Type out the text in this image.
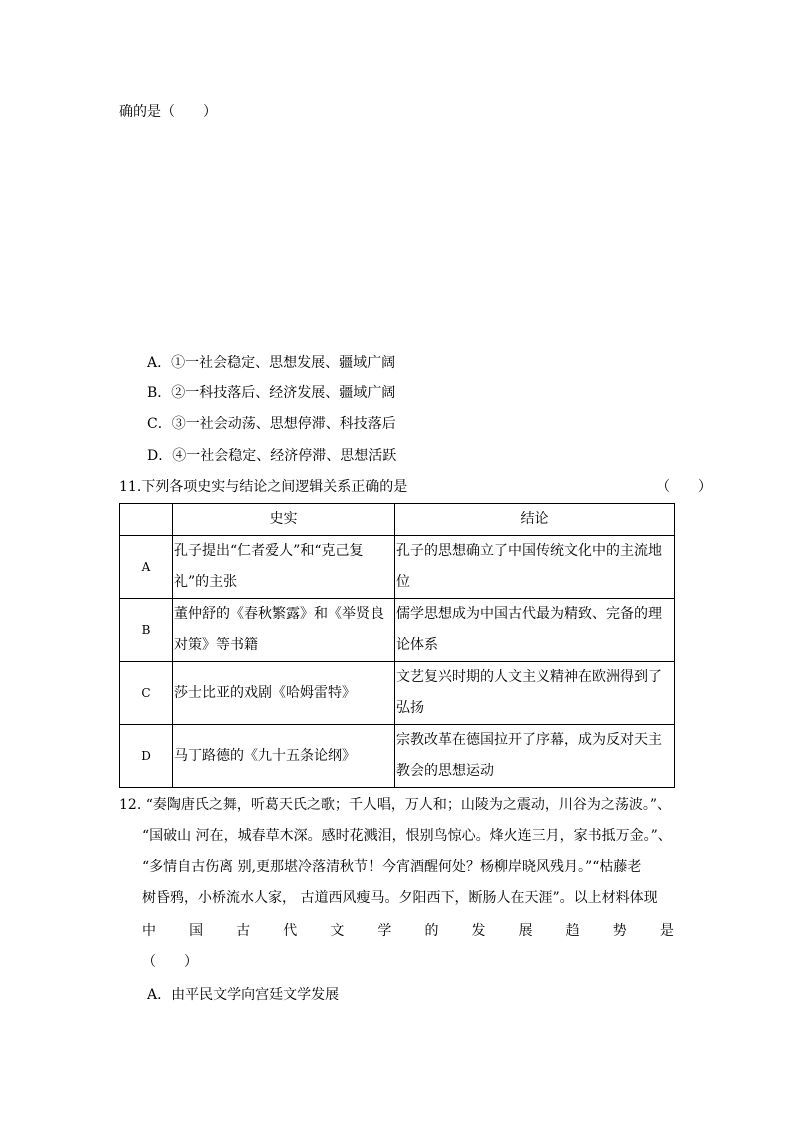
确的是（　　）
A．①一社会稳定、思想发展、疆域广阔
B．②一科技落后、经济发展、疆域广阔
C．③一社会动荡、思想停滞、科技落后
D．④一社会稳定、经济停滞、思想活跃
11.下列各项史实与结论之间逻辑关系正确的是	（　　）
	史实	结论
A	孔子提出“仁者爱人”和“克己复礼”的主张	孔子的思想确立了中国传统文化中的主流地位
B	董仲舒的《春秋繁露》和《举贤良对策》等书籍	儒学思想成为中国古代最为精致、完备的理论体系
C	莎士比亚的戏剧《哈姆雷特》	文艺复兴时期的人文主义精神在欧洲得到了弘扬
D	马丁路德的《九十五条论纲》	宗教改革在德国拉开了序幕，成为反对天主教会的思想运动
12. “奏陶唐氏之舞，听葛天氏之歌；千人唱，万人和；山陵为之震动，川谷为之荡波。”、
“国破山 河在，城春草木深。感时花溅泪，恨别鸟惊心。烽火连三月，家书抵万金。”、
“多情自古伤离 别,更那堪冷落清秋节！今宵酒醒何处？杨柳岸晓风残月。”“枯藤老
树昏鸦，小桥流水人家， 古道西风瘦马。夕阳西下，断肠人在天涯”。以上材料体现
中 国 古 代 文 学 的 发 展 趋 势 是
（　　）
A．由平民文学向宫廷文学发展
